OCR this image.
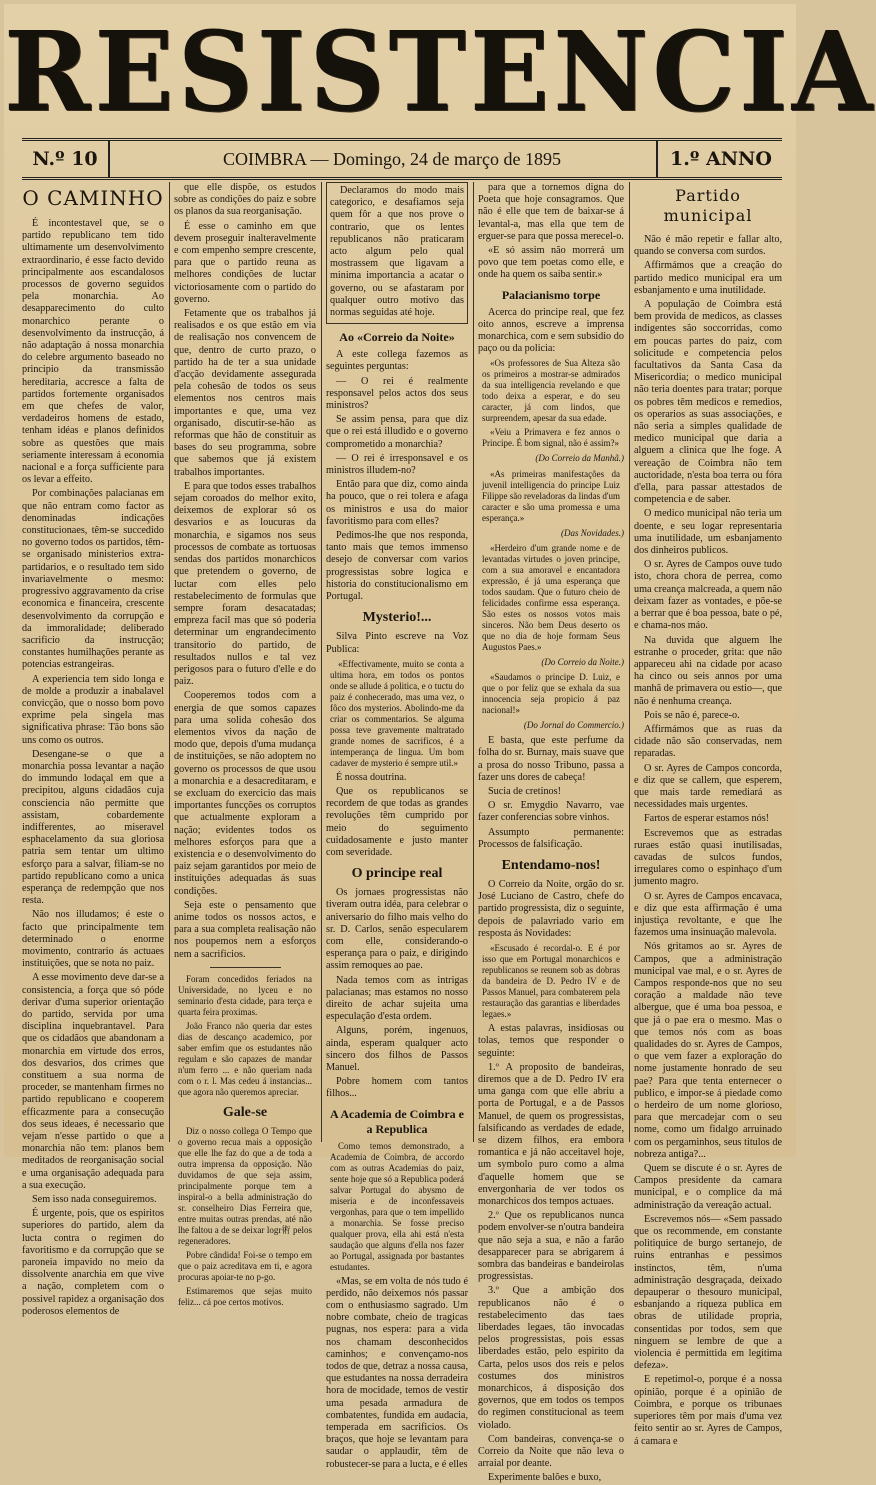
RESISTENCIA
N.º 10	COIMBRA — Domingo, 24 de março de 1895	1.º ANNO
O CAMINHO

É incontestavel que, se o partido republicano tem tido ultimamente um desenvolvimento extraordinario, é esse facto devido principalmente aos escandalosos processos de governo seguidos pela monarchia. Ao desapparecimento do culto monarchico perante o desenvolvimento da instrucção, á não adaptação á nossa monarchia do celebre argumento baseado no principio da transmissão hereditaria, accresce a falta de partidos fortemente organisados em que chefes de valor, verdadeiros homens de estado, tenham idéas e planos definidos sobre as questões que mais seriamente interessam á economia nacional e a força sufficiente para os levar a effeito.

Por combinações palacianas em que não entram como factor as denominadas indicações constitucionaes, têm-se succedido no governo todos os partidos, têm-se organisado ministerios extra-partidarios, e o resultado tem sido invariavelmente o mesmo: progressivo aggravamento da crise economica e financeira, crescente desenvolvimento da corrupção e da immoralidade; deliberado sacrificio da instrucção; constantes humilhações perante as potencias estrangeiras.

A experiencia tem sido longa e de molde a produzir a inabalavel convicção, que o nosso bom povo exprime pela singela mas significativa phrase: Tão bons são uns como os outros.

Desengane-se o que a monarchia possa levantar a nação do immundo lodaçal em que a precipitou, alguns cidadãos cuja consciencia não permitte que assistam, cobardemente indifferentes, ao miseravel esphacelamento da sua gloriosa patria sem tentar um ultimo esforço para a salvar, filiam-se no partido republicano como a unica esperança de redempção que nos resta.

Não nos illudamos; é este o facto que principalmente tem determinado o enorme movimento, contrario ás actuaes instituições, que se nota no paiz.

A esse movimento deve dar-se a consistencia, a força que só póde derivar d'uma superior orientação do partido, servida por uma disciplina inquebrantavel. Para que os cidadãos que abandonam a monarchia em virtude dos erros, dos desvarios, dos crimes que constituem a sua norma de proceder, se mantenham firmes no partido republicano e cooperem efficazmente para a consecução dos seus ideaes, é necessario que vejam n'esse partido o que a monarchia não tem: planos bem meditados de reorganisação social e uma organisação adequada para a sua execução.

Sem isso nada conseguiremos.

É urgente, pois, que os espiritos superiores do partido, alem da lucta contra o regimen do favoritismo e da corrupção que se paroneia impavido no meio da dissolvente anarchia em que vive a nação, completem com o possivel rapidez a organisação dos poderosos elementos de

que elle dispõe, os estudos sobre as condições do paiz e sobre os planos da sua reorganisação.

É esse o caminho em que devem proseguir inalteravelmente e com empenho sempre crescente, para que o partido reuna as melhores condições de luctar victoriosamente com o partido do governo.

Fetamente que os trabalhos já realisados e os que estão em via de realisação nos convencem de que, dentro de curto prazo, o partido ha de ter a sua unidade d'acção devidamente assegurada pela cohesão de todos os seus elementos nos centros mais importantes e que, uma vez organisado, discutir-se-hão as reformas que hão de constituir as bases do seu programma, sobre que sabemos que já existem trabalhos importantes.

E para que todos esses trabalhos sejam coroados do melhor exito, deixemos de explorar só os desvarios e as loucuras da monarchia, e sigamos nos seus processos de combate as tortuosas sendas dos partidos monarchicos que pretendem o governo, de luctar com elles pelo restabelecimento de formulas que sempre foram desacatadas; empreza facil mas que só poderia determinar um engrandecimento transitorio do partido, de resultados nullos e tal vez perigosos para o futuro d'elle e do paiz.

Cooperemos todos com a energia de que somos capazes para uma solida cohesão dos elementos vivos da nação de modo que, depois d'uma mudança de instituições, se não adoptem no governo os processos de que usou a monarchia e a desacreditaram, e se excluam do exercicio das mais importantes funcções os corruptos que actualmente exploram a nação; evidentes todos os melhores esforços para que a existencia e o desenvolvimento do paiz sejam garantidos por meio de instituições adequadas ás suas condições.

Seja este o pensamento que anime todos os nossos actos, e para a sua completa realisação não nos poupemos nem a esforços nem a sacrificios.

Foram concedidos feriados na Universidade, no lyceu e no seminario d'esta cidade, para terça e quarta feira proximas.

João Franco não queria dar estes dias de descanço academico, por saber emfim que os estudantes não regulam e são capazes de mandar n'um ferro ... e não queriam nada com o r. l. Mas cedeu á instancias... que agora não queremos apreciar.

Gale-se

Diz o nosso collega O Tempo que o governo recua mais a opposição que elle lhe faz do que a de toda a outra imprensa da opposição. Não duvidamos de que seja assim, principalmente porque tem a inspiral-o a bella administração do sr. conselheiro Dias Ferreira que, entre muitas outras prendas, até não lhe faltou a de se deixar logr術 pelos regeneradores.

Pobre cândida! Foi-se o tempo em que o paiz acreditava em ti, e agora procuras apoiar-te no p-go.

Estimaremos que sejas muito feliz... cá poe certos motivos.

Declaramos do modo mais categorico, e desafiamos seja quem fôr a que nos prove o contrario, que os lentes republicanos não praticaram acto algum pelo qual mostrassem que ligavam a minima importancia a acatar o governo, ou se afastaram por qualquer outro motivo das normas seguidas até hoje.

Ao «Correio da Noite»

A este collega fazemos as seguintes perguntas:

— O rei é realmente responsavel pelos actos dos seus ministros?

Se assim pensa, para que diz que o rei está illudido e o governo comprometido a monarchia?

— O rei é irresponsavel e os ministros illudem-no?

Então para que diz, como ainda ha pouco, que o rei tolera e afaga os ministros e usa do maior favoritismo para com elles?

Pedimos-lhe que nos responda, tanto mais que temos immenso desejo de conversar com varios progressistas sobre logica e historia do constitucionalismo em Portugal.

Mysterio!...

Silva Pinto escreve na Voz Publica:

«Effectivamente, muito se conta a ultima hora, em todos os pontos onde se allude á politica, e o tuctu do paiz é conhecerado, mas uma vez, o fôco dos mysterios. Abolindo-me da criar os commentarios. Se alguma possa teve gravemente maltratado grande nomes de sacrificos, é a intemperança de lingua. Um bom cadaver de mysterio é sempre util.»

É nossa doutrina.

Que os republicanos se recordem de que todas as grandes revoluções têm cumprido por meio do seguimento cuidadosamente e justo manter com severidade.

O principe real

Os jornaes progressistas não tiveram outra idéa, para celebrar o aniversario do filho mais velho do sr. D. Carlos, senão especularem com elle, considerando-o esperança para o paiz, e dirigindo assim remoques ao pae.

Nada temos com as intrigas palacianas; mas estamos no nosso direito de achar sujeita uma especulação d'esta ordem.

Alguns, porém, ingenuos, ainda, esperam qualquer acto sincero dos filhos de Passos Manuel.

Pobre homem com tantos filhos...

A Academia de Coimbra e a Republica

Como temos demonstrado, a Academia de Coimbra, de accordo com as outras Academias do paiz, sente hoje que só a Republica poderá salvar Portugal do abysmo de miseria e de inconfessaveis vergonhas, para que o tem impellido a monarchia. Se fosse preciso qualquer prova, ella ahi está n'esta saudação que alguns d'ella nos fazer ao Portugal, assignada por bastantes estudantes.

«Mas, se em volta de nós tudo é perdido, não deixemos nós passar com o enthusiasmo sagrado. Um nobre combate, cheio de tragicas pugnas, nos espera: para a vida nos chamam desconhecidos caminhos; e convençamo-nos todos de que, detraz a nossa causa, que estudantes na nossa derradeira hora de mocidade, temos de vestir uma pesada armadura de combatentes, fundida em audacia, temperada em sacrificios. Os braços, que hoje se levantam para saudar o applaudir, têm de robustecer-se para a lucta, e é elles

para que a tornemos digna do Poeta que hoje consagramos. Que não é elle que tem de baixar-se á levantal-a, mas ella que tem de erguer-se para que possa merecel-o.

«E só assim não morrerá um povo que tem poetas como elle, e onde ha quem os saiba sentir.»

Palacianismo torpe

Acerca do principe real, que fez oito annos, escreve a imprensa monarchica, com e sem subsidio do paço ou da policia:

«Os professores de Sua Alteza são os primeiros a mostrar-se admirados da sua intelligencia revelando e que todo deixa a esperar, e do seu caracter, já com lindos, que surpreendem, apesar da sua edade.

«Veiu a Primavera e fez annos o Principe. É bom signal, não é assim?»

(Do Correio da Manhã.)

«As primeiras manifestações da juvenil intelligencia do principe Luiz Filippe são reveladoras da lindas d'um caracter e são uma promessa e uma esperança.»

(Das Novidades.)

«Herdeiro d'um grande nome e de levantadas virtudes o joven principe, com a sua amoravel e encantadora expressão, é já uma esperança que todos saudam. Que o futuro cheio de felicidades confirme essa esperança. São estes os nossos votos mais sinceros. Não bem Deus deserto os que no dia de hoje formam Seus Augustos Paes.»

(Do Correio da Noite.)

«Saudamos o principe D. Luiz, e que o por feliz que se exhala da sua innocencia seja propicio á paz nacional!»

(Do Jornal do Commercio.)

E basta, que este perfume da folha do sr. Burnay, mais suave que a prosa do nosso Tribuno, passa a fazer uns dores de cabeça!

Sucia de cretinos!

O sr. Emygdio Navarro, vae fazer conferencias sobre vinhos.

Assumpto permanente: Processos de falsificação.

Entendamo-nos!

O Correio da Noite, orgão do sr. José Luciano de Castro, chefe do partido progressista, diz o seguinte, depois de palavriado vario em resposta ás Novidades:

«Escusado é recordal-o. E é por isso que em Portugal monarchicos e republicanos se reunem sob as dobras da bandeira de D. Pedro IV e de Passos Manuel, para combaterem pela restauração das garantias e liberdades legaes.»

A estas palavras, insidiosas ou tolas, temos que responder o seguinte:

1.º A proposito de bandeiras, diremos que a de D. Pedro IV era uma ganga com que elle abriu a porta de Portugal, e a de Passos Manuel, de quem os progressistas, falsificando as verdades de edade, se dizem filhos, era embora romantica e já não acceitavel hoje, um symbolo puro como a alma d'aquelle homem que se envergonharia de ver todos os monarchicos dos tempos actuaes.

2.º Que os republicanos nunca podem envolver-se n'outra bandeira que não seja a sua, e não a farão desapparecer para se abrigarem á sombra das bandeiras e bandeirolas progressistas.

3.º Que a ambição dos republicanos não é o restabelecimento das taes liberdades legaes, tão invocadas pelos progressistas, pois essas liberdades estão, pelo espirito da Carta, pelos usos dos reis e pelos costumes dos ministros monarchicos, á disposição dos governos, que em todos os tempos do regimen constitucional as teem violado.

Com bandeiras, convença-se o Correio da Noite que não leva o arraial por deante.

Experimente balões e buxo,

Partido municipal

Não é mão repetir e fallar alto, quando se conversa com surdos.

Affirmámos que a creação do partido medico municipal era um esbanjamento e uma inutilidade.

A população de Coimbra está bem provida de medicos, as classes indigentes são soccorridas, como em poucas partes do paiz, com solicitude e competencia pelos facultativos da Santa Casa da Misericordia; o medico municipal não teria doentes para tratar; porque os pobres têm medicos e remedios, os operarios as suas associações, e não seria a simples qualidade de medico municipal que daria a alguem a clinica que lhe foge. A vereação de Coimbra não tem auctoridade, n'esta boa terra ou fóra d'ella, para passar attestados de competencia e de saber.

O medico municipal não teria um doente, e seu logar representaria uma inutilidade, um esbanjamento dos dinheiros publicos.

O sr. Ayres de Campos ouve tudo isto, chora chora de perrea, como uma creança malcreada, a quem não deixam fazer as vontades, e põe-se a berrar que é boa pessoa, bate o pé, e chama-nos máo.

Na duvida que alguem lhe estranhe o proceder, grita: que não appareceu ahi na cidade por acaso ha cinco ou seis annos por uma manhã de primavera ou estio—, que não é nenhuma creança.

Pois se não é, parece-o.

Affirmámos que as ruas da cidade não são conservadas, nem reparadas.

O sr. Ayres de Campos concorda, e diz que se callem, que esperem, que mais tarde remediará as necessidades mais urgentes.

Fartos de esperar estamos nós!

Escrevemos que as estradas ruraes estão quasi inutilisadas, cavadas de sulcos fundos, irregulares como o espinhaço d'um jumento magro.

O sr. Ayres de Campos encavaca, e diz que esta affirmação é uma injustiça revoltante, e que lhe fazemos uma insinuação malevola.

Nós gritamos ao sr. Ayres de Campos, que a administração municipal vae mal, e o sr. Ayres de Campos responde-nos que no seu coração a maldade não teve albergue, que é uma boa pessoa, e que já o pae era o mesmo. Mas o que temos nós com as boas qualidades do sr. Ayres de Campos, o que vem fazer a exploração do nome justamente honrado de seu pae? Para que tenta enternecer o publico, e impor-se á piedade como o herdeiro de um nome glorioso, para que mercadejar com o seu nome, como um fidalgo arruinado com os pergaminhos, seus titulos de nobreza antiga?...

Quem se discute é o sr. Ayres de Campos presidente da camara municipal, e o complice da má administração da vereação actual.

Escrevemos nós— «Sem passado que os recommende, em constante politiquice de burgo sertanejo, de ruins entranhas e pessimos instinctos, têm, n'uma administração desgraçada, deixado depauperar o thesouro municipal, esbanjando a riqueza publica em obras de utilidade propria, consentidas por todos, sem que ninguem se lembre de que a violencia é permittida em legitima defeza».

E repetimol-o, porque é a nossa opinião, porque é a opinião de Coimbra, e porque os tribunaes superiores têm por mais d'uma vez feito sentir ao sr. Ayres de Campos, á camara e
